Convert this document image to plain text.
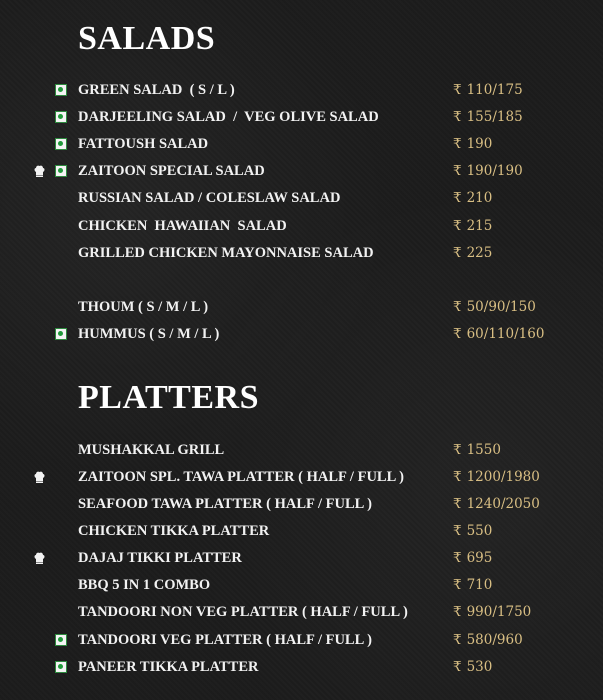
SALADS
PLATTERS
GREEN SALAD  ( S / L )	₹ 110/175
DARJEELING SALAD  /  VEG OLIVE SALAD	₹ 155/185
FATTOUSH SALAD	₹ 190
ZAITOON SPECIAL SALAD	₹ 190/190
RUSSIAN SALAD / COLESLAW SALAD	₹ 210
CHICKEN  HAWAIIAN  SALAD	₹ 215
GRILLED CHICKEN MAYONNAISE SALAD	₹ 225
THOUM ( S / M / L )	₹ 50/90/150
HUMMUS ( S / M / L )	₹ 60/110/160
MUSHAKKAL GRILL	₹ 1550
ZAITOON SPL. TAWA PLATTER ( HALF / FULL )	₹ 1200/1980
SEAFOOD TAWA PLATTER ( HALF / FULL )	₹ 1240/2050
CHICKEN TIKKA PLATTER	₹ 550
DAJAJ TIKKI PLATTER	₹ 695
BBQ 5 IN 1 COMBO	₹ 710
TANDOORI NON VEG PLATTER ( HALF / FULL )	₹ 990/1750
TANDOORI VEG PLATTER ( HALF / FULL )	₹ 580/960
PANEER TIKKA PLATTER	₹ 530
